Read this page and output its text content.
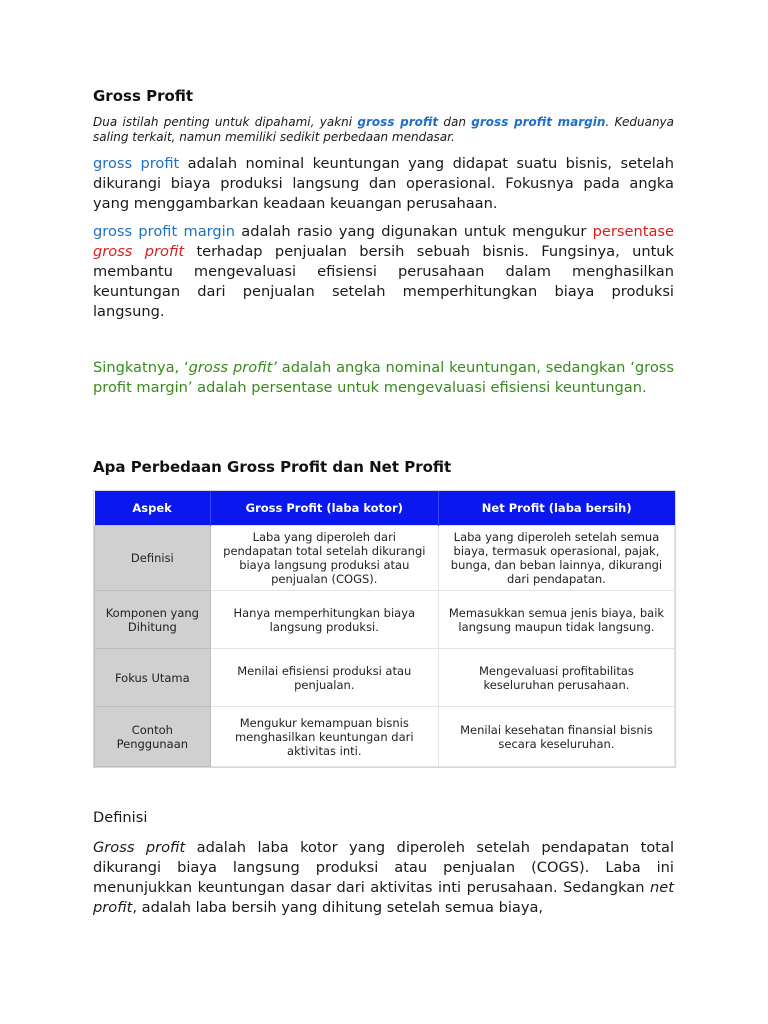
Gross Profit
Dua istilah penting untuk dipahami, yakni gross profit dan gross profit margin. Keduanya saling terkait, namun memiliki sedikit perbedaan mendasar.

gross profit adalah nominal keuntungan yang didapat suatu bisnis, setelah dikurangi biaya produksi langsung dan operasional. Fokusnya pada angka yang menggambarkan keadaan keuangan perusahaan.

gross profit margin adalah rasio yang digunakan untuk mengukur persentase gross profit terhadap penjualan bersih sebuah bisnis. Fungsinya, untuk membantu mengevaluasi efisiensi perusahaan dalam menghasilkan keuntungan dari penjualan setelah memperhitungkan biaya produksi langsung.

Singkatnya, ‘gross profit’ adalah angka nominal keuntungan, sedangkan ‘gross profit margin’ adalah persentase untuk mengevaluasi efisiensi keuntungan.

Apa Perbedaan Gross Profit dan Net Profit
Aspek	Gross Profit (laba kotor)	Net Profit (laba bersih)
Definisi	Laba yang diperoleh dari pendapatan total setelah dikurangi biaya langsung produksi atau penjualan (COGS).	Laba yang diperoleh setelah semua biaya, termasuk operasional, pajak, bunga, dan beban lainnya, dikurangi dari pendapatan.
Komponen yang Dihitung	Hanya memperhitungkan biaya langsung produksi.	Memasukkan semua jenis biaya, baik langsung maupun tidak langsung.
Fokus Utama	Menilai efisiensi produksi atau penjualan.	Mengevaluasi profitabilitas keseluruhan perusahaan.
Contoh Penggunaan	Mengukur kemampuan bisnis menghasilkan keuntungan dari aktivitas inti.	Menilai kesehatan finansial bisnis secara keseluruhan.

Definisi

Gross profit adalah laba kotor yang diperoleh setelah pendapatan total dikurangi biaya langsung produksi atau penjualan (COGS). Laba ini menunjukkan keuntungan dasar dari aktivitas inti perusahaan. Sedangkan net profit, adalah laba bersih yang dihitung setelah semua biaya,
